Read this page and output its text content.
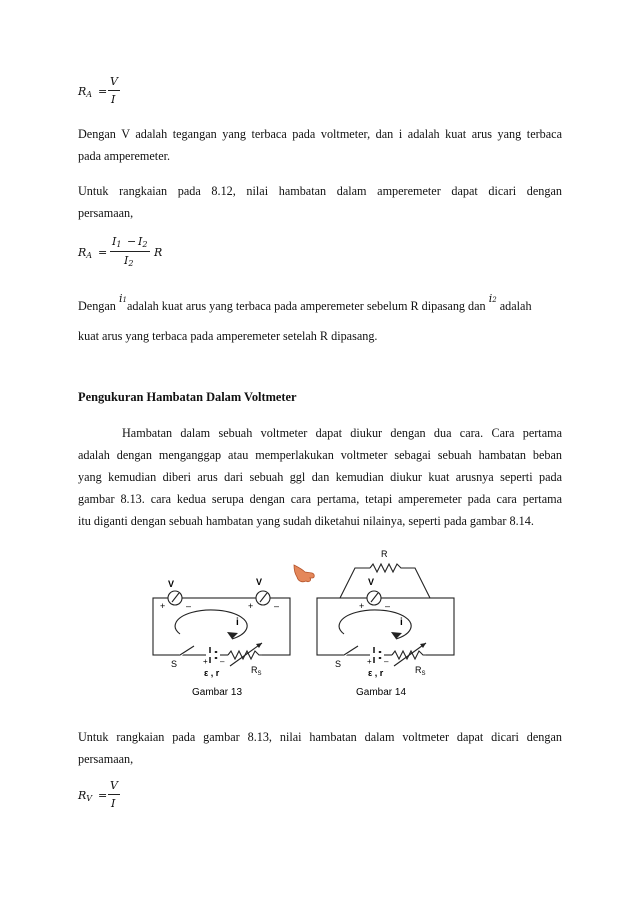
$R_A$ =
V
I
Dengan V adalah tegangan yang terbaca pada voltmeter, dan i adalah kuat arus yang terbaca
pada amperemeter.
Untuk rangkaian pada 8.12, nilai hambatan dalam amperemeter dapat dicari dengan
persamaan,
$R_A$ =
$I_1 - I_2$
$I_2$
R
Dengan i1adalah kuat arus yang terbaca pada amperemeter sebelum R dipasang dan i2 adalah
kuat arus yang terbaca pada amperemeter setelah R dipasang.
Pengukuran Hambatan Dalam Voltmeter
Hambatan dalam sebuah voltmeter dapat diukur dengan dua cara. Cara pertama
adalah dengan menganggap atau memperlakukan voltmeter sebagai sebuah hambatan beban
yang kemudian diberi arus dari sebuah ggl dan kemudian diukur kuat arusnya seperti pada
gambar 8.13. cara kedua serupa dengan cara pertama, tetapi amperemeter pada cara pertama
itu diganti dengan sebuah hambatan yang sudah diketahui nilainya, seperti pada gambar 8.14.
V	V
+ –	+ –
i
S	+ –
ε , r	$R_S$
Gambar 13
R
V
+ –
i
S	+ –
ε , r	$R_S$
Gambar 14
Untuk rangkaian pada gambar 8.13, nilai hambatan dalam voltmeter dapat dicari dengan
persamaan,
$R_V$ =
V
I
